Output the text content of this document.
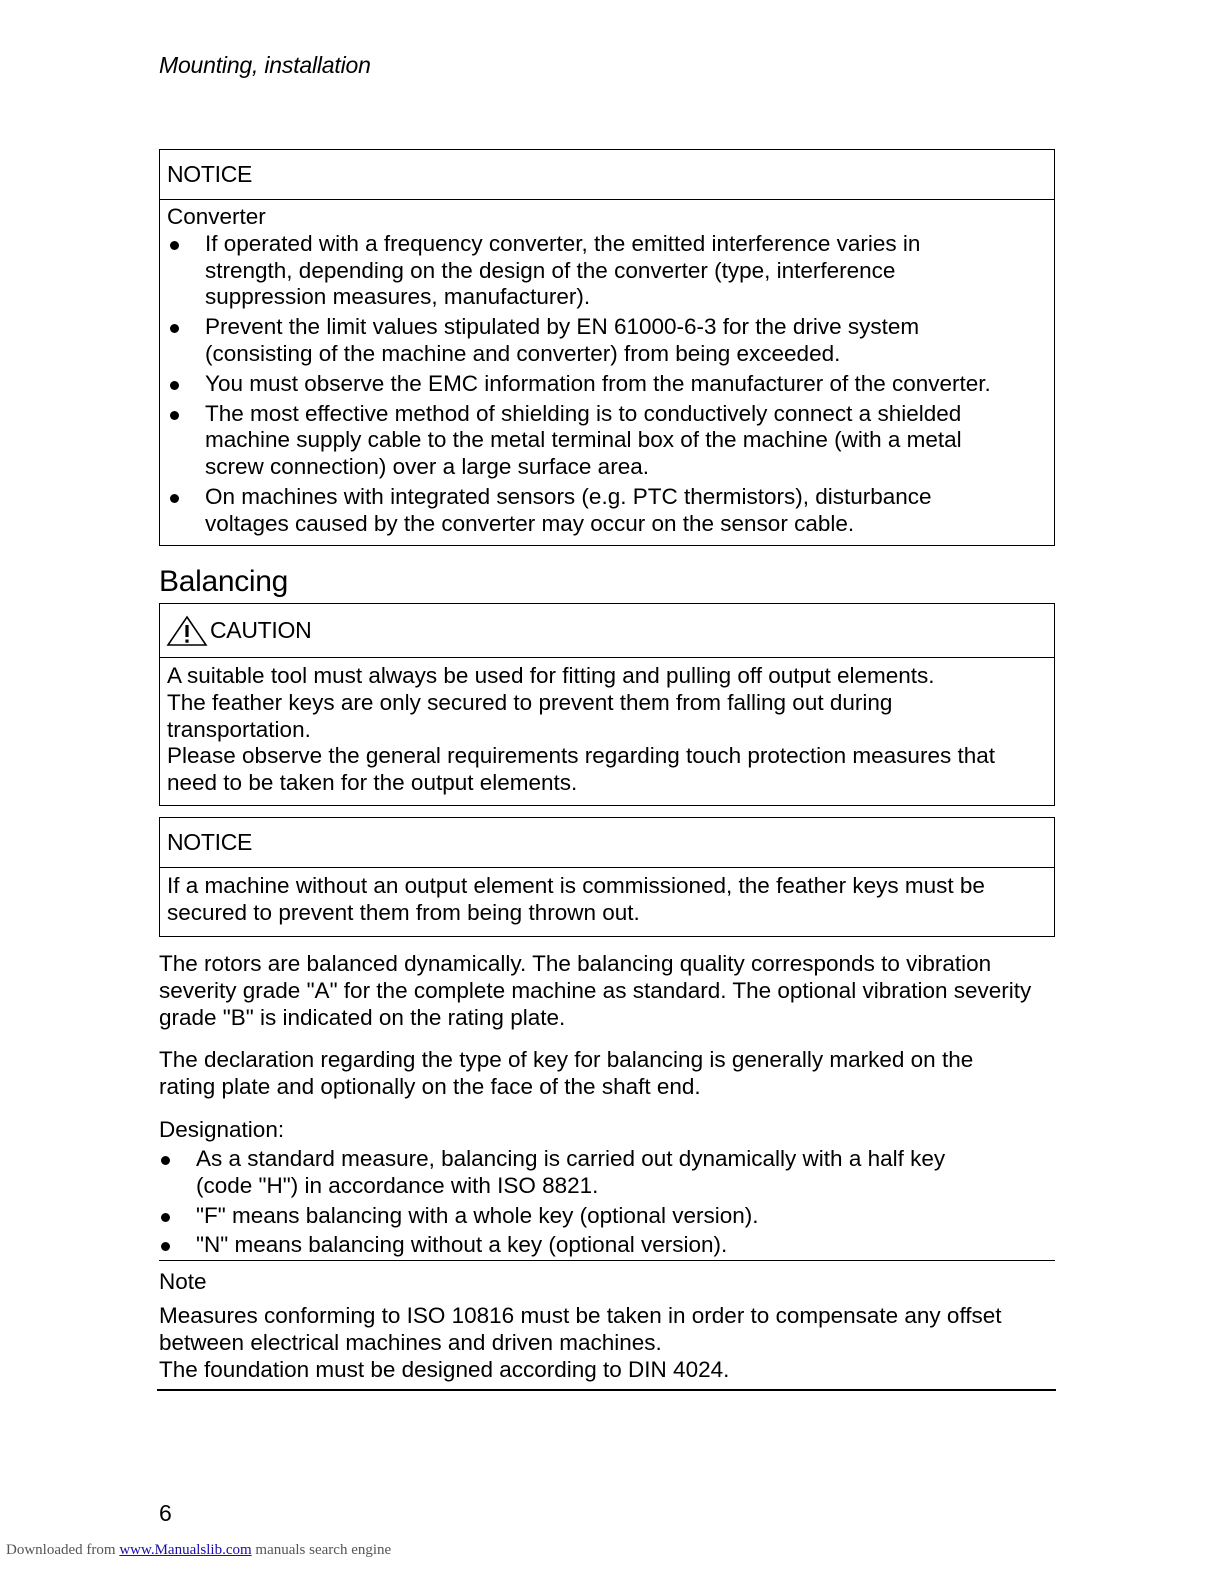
Mounting, installation
NOTICE

Converter

If operated with a frequency converter, the emitted interference varies in strength, depending on the design of the converter (type, interference suppression measures, manufacturer).
Prevent the limit values stipulated by EN 61000-6-3 for the drive system (consisting of the machine and converter) from being exceeded.
You must observe the EMC information from the manufacturer of the converter.
The most effective method of shielding is to conductively connect a shielded machine supply cable to the metal terminal box of the machine (with a metal screw connection) over a large surface area.
On machines with integrated sensors (e.g. PTC thermistors), disturbance voltages caused by the converter may occur on the sensor cable.
Balancing
CAUTION

A suitable tool must always be used for fitting and pulling off output elements.

The feather keys are only secured to prevent them from falling out during transportation.

Please observe the general requirements regarding touch protection measures that need to be taken for the output elements.

NOTICE

If a machine without an output element is commissioned, the feather keys must be secured to prevent them from being thrown out.

The rotors are balanced dynamically. The balancing quality corresponds to vibration severity grade "A" for the complete machine as standard. The optional vibration severity grade "B" is indicated on the rating plate.

The declaration regarding the type of key for balancing is generally marked on the rating plate and optionally on the face of the shaft end.

Designation:

As a standard measure, balancing is carried out dynamically with a half key (code "H") in accordance with ISO 8821.
"F" means balancing with a whole key (optional version).
"N" means balancing without a key (optional version).

Note

Measures conforming to ISO 10816 must be taken in order to compensate any offset between electrical machines and driven machines.

The foundation must be designed according to DIN 4024.

6
Downloaded from www.Manualslib.com manuals search engine
